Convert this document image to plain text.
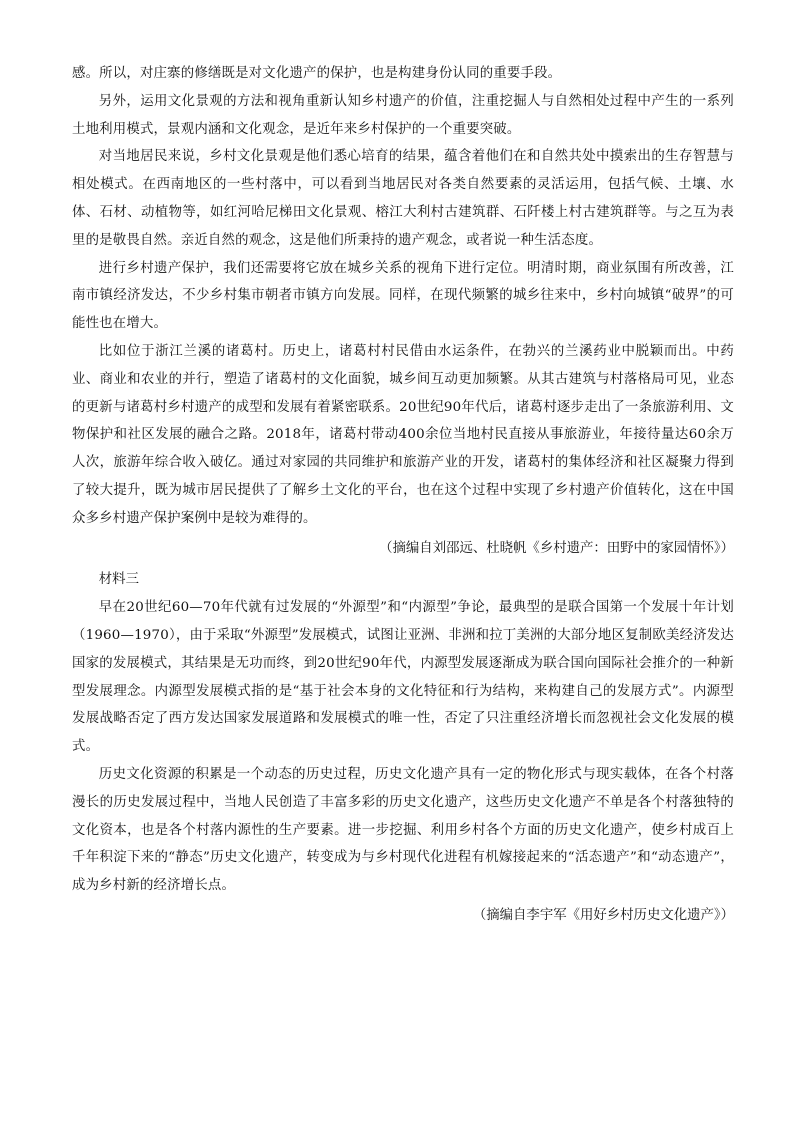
感。所以，对庄寨的修缮既是对文化遗产的保护，也是构建身份认同的重要手段。

另外，运用文化景观的方法和视角重新认知乡村遗产的价值，注重挖掘人与自然相处过程中产生的一系列土地利用模式，景观内涵和文化观念，是近年来乡村保护的一个重要突破。

对当地居民来说，乡村文化景观是他们悉心培育的结果，蕴含着他们在和自然共处中摸索出的生存智慧与相处模式。在西南地区的一些村落中，可以看到当地居民对各类自然要素的灵活运用，包括气候、土壤、水体、石材、动植物等，如红河哈尼梯田文化景观、榕江大利村古建筑群、石阡楼上村古建筑群等。与之互为表里的是敬畏自然。亲近自然的观念，这是他们所秉持的遗产观念，或者说一种生活态度。

进行乡村遗产保护，我们还需要将它放在城乡关系的视角下进行定位。明清时期，商业氛围有所改善，江南市镇经济发达，不少乡村集市朝者市镇方向发展。同样，在现代频繁的城乡往来中，乡村向城镇“破界”的可能性也在增大。

比如位于浙江兰溪的诸葛村。历史上，诸葛村村民借由水运条件，在勃兴的兰溪药业中脱颖而出。中药业、商业和农业的并行，塑造了诸葛村的文化面貌，城乡间互动更加频繁。从其古建筑与村落格局可见，业态的更新与诸葛村乡村遗产的成型和发展有着紧密联系。20世纪90年代后，诸葛村逐步走出了一条旅游利用、文物保护和社区发展的融合之路。2018年，诸葛村带动400余位当地村民直接从事旅游业，年接待量达60余万人次，旅游年综合收入破亿。通过对家园的共同维护和旅游产业的开发，诸葛村的集体经济和社区凝聚力得到了较大提升，既为城市居民提供了了解乡土文化的平台，也在这个过程中实现了乡村遗产价值转化，这在中国众多乡村遗产保护案例中是较为难得的。

（摘编自刘邵远、杜晓帆《乡村遗产：田野中的家园情怀》）

材料三

早在20世纪60—70年代就有过发展的“外源型”和“内源型”争论，最典型的是联合国第一个发展十年计划（1960—1970），由于采取“外源型”发展模式，试图让亚洲、非洲和拉丁美洲的大部分地区复制欧美经济发达国家的发展模式，其结果是无功而终，到20世纪90年代，内源型发展逐渐成为联合国向国际社会推介的一种新型发展理念。内源型发展模式指的是“基于社会本身的文化特征和行为结构，来构建自己的发展方式”。内源型发展战略否定了西方发达国家发展道路和发展模式的唯一性，否定了只注重经济增长而忽视社会文化发展的模式。

历史文化资源的积累是一个动态的历史过程，历史文化遗产具有一定的物化形式与现实载体，在各个村落漫长的历史发展过程中，当地人民创造了丰富多彩的历史文化遗产，这些历史文化遗产不单是各个村落独特的文化资本，也是各个村落内源性的生产要素。进一步挖掘、利用乡村各个方面的历史文化遗产，使乡村成百上千年积淀下来的“静态”历史文化遗产，转变成为与乡村现代化进程有机嫁接起来的“活态遗产”和“动态遗产”，成为乡村新的经济增长点。

（摘编自李宇军《用好乡村历史文化遗产》）
